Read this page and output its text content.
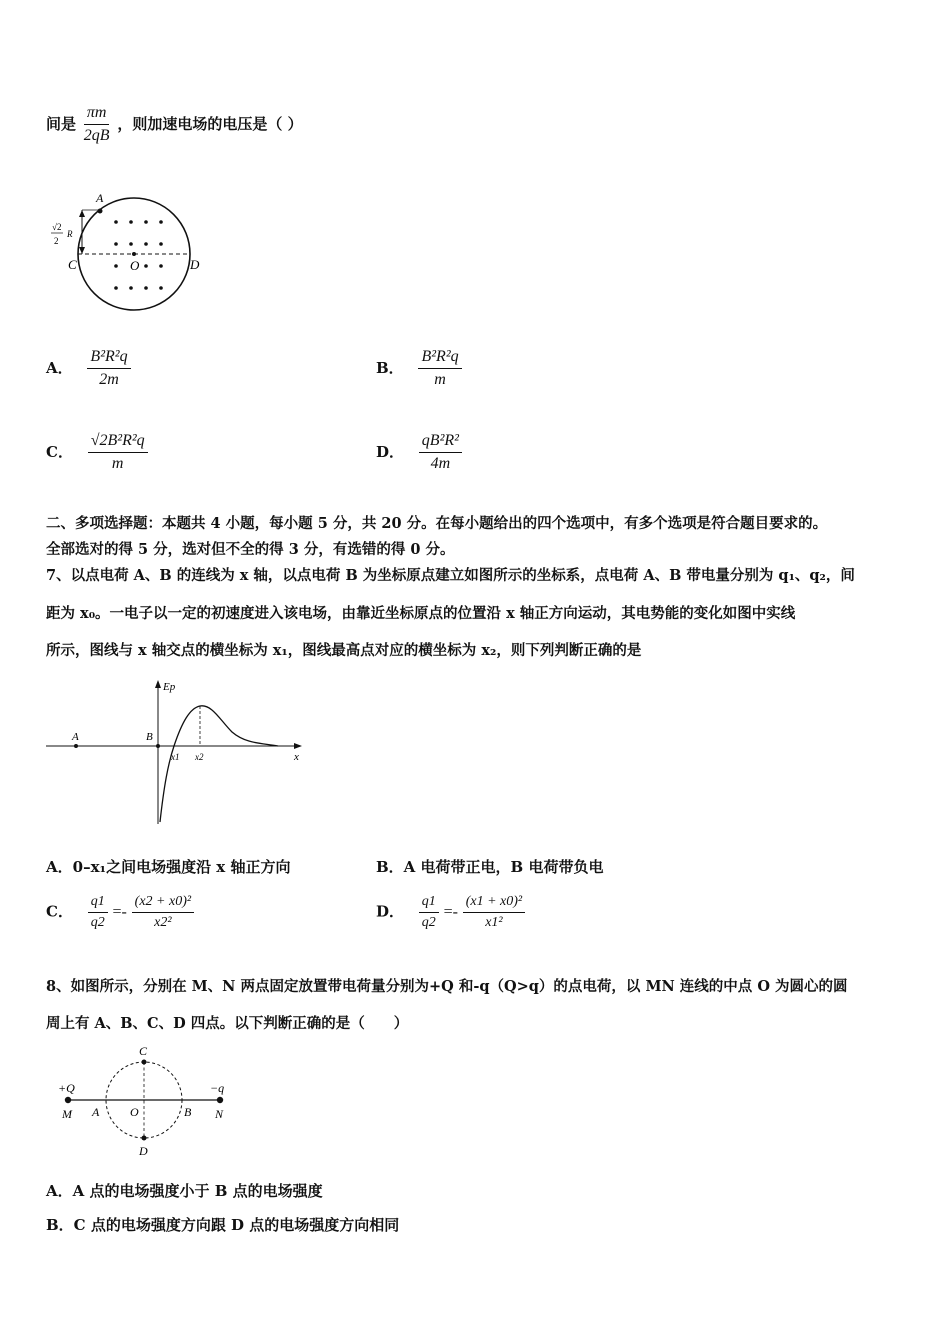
间是 $\frac{\pi m}{2qB}$ ，则加速电场的电压是（ ）
A
C	O	D
√2
2
R
A． $\frac{\text{B²R²q}}{2m}$	B． $\frac{\text{B²R²q}}{m}$
C． $\frac{\text{√2B²R²q}}{m}$	D． $\frac{\text{qB²R²}}{4m}$
二、多项选择题：本题共 4 小题，每小题 5 分，共 20 分。在每小题给出的四个选项中，有多个选项是符合题目要求的。
全部选对的得 5 分，选对但不全的得 3 分，有选错的得 0 分。
7、以点电荷 A、B 的连线为 x 轴，以点电荷 B 为坐标原点建立如图所示的坐标系，点电荷 A、B 带电量分别为 q₁、q₂，间
距为 x₀。一电子以一定的初速度进入该电场，由靠近坐标原点的位置沿 x 轴正方向运动，其电势能的变化如图中实线
所示，图线与 x 轴交点的横坐标为 x₁，图线最高点对应的横坐标为 x₂，则下列判断正确的是
Ep
x
A	B
x1 x2
A．0–x₁之间电场强度沿 x 轴正方向	B．A 电荷带正电，B 电荷带负电
C． $\frac{q1}{q2} =- \frac{\text{(x2 + x0)²}}{\text{x2²}}$	D． $\frac{q1}{q2} =- \frac{\text{(x1 + x0)²}}{\text{x1²}}$
8、如图所示，分别在 M、N 两点固定放置带电荷量分别为+Q 和-q（Q>q）的点电荷，以 MN 连线的中点 O 为圆心的圆
周上有 A、B、C、D 四点。以下判断正确的是（　　）
+Q	−q
M	N
A	O	B
C
D
A．A 点的电场强度小于 B 点的电场强度
B．C 点的电场强度方向跟 D 点的电场强度方向相同
